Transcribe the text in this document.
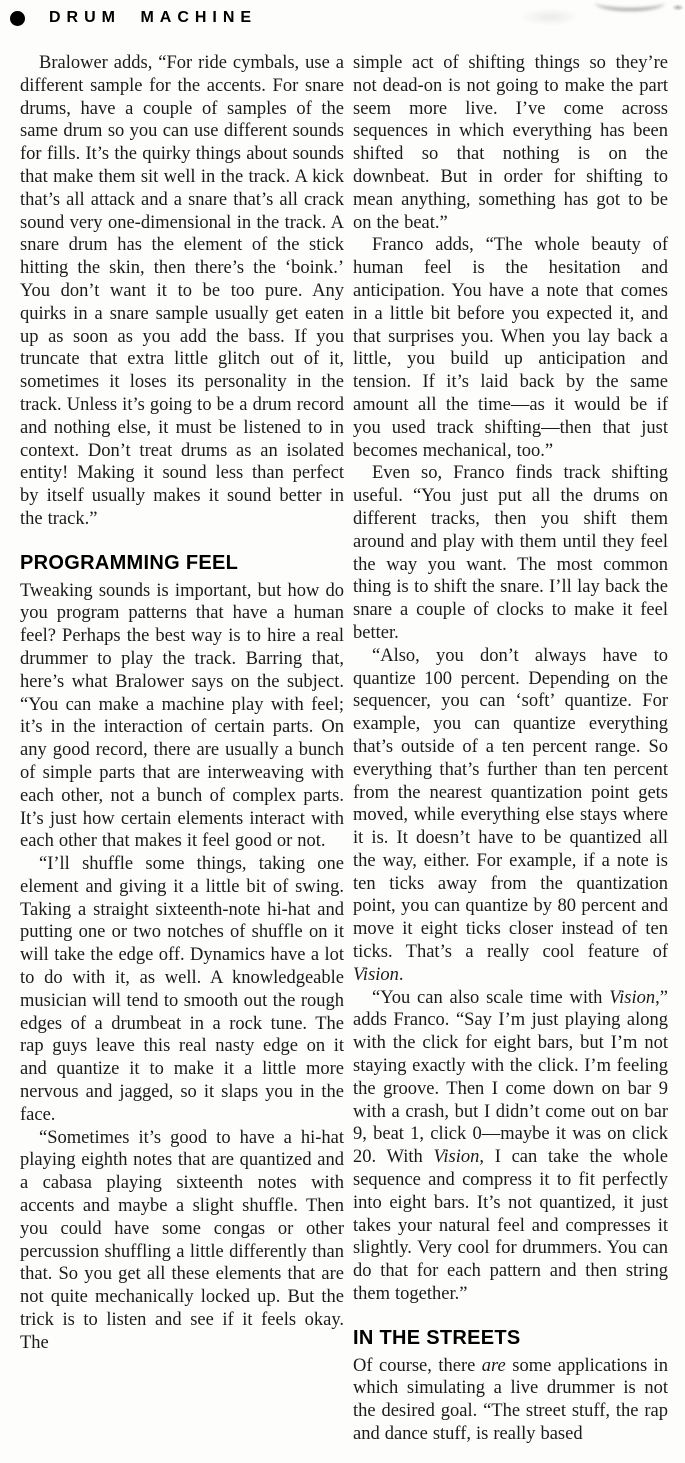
DRUM MACHINE

Bralower adds, “For ride cymbals, use a different sample for the accents. For snare drums, have a couple of samples of the same drum so you can use different sounds for fills. It’s the quirky things about sounds that make them sit well in the track. A kick that’s all attack and a snare that’s all crack sound very one-dimensional in the track. A snare drum has the element of the stick hitting the skin, then there’s the ‘boink.’ You don’t want it to be too pure. Any quirks in a snare sample usually get eaten up as soon as you add the bass. If you truncate that extra little glitch out of it, sometimes it loses its personality in the track. Unless it’s going to be a drum record and nothing else, it must be listened to in context. Don’t treat drums as an isolated entity! Making it sound less than perfect by itself usually makes it sound better in the track.”

PROGRAMMING FEEL

Tweaking sounds is important, but how do you program patterns that have a human feel? Perhaps the best way is to hire a real drummer to play the track. Barring that, here’s what Bralower says on the subject. “You can make a machine play with feel; it’s in the interaction of certain parts. On any good record, there are usually a bunch of simple parts that are interweaving with each other, not a bunch of complex parts. It’s just how certain elements interact with each other that makes it feel good or not.

“I’ll shuffle some things, taking one element and giving it a little bit of swing. Taking a straight sixteenth-note hi-hat and putting one or two notches of shuffle on it will take the edge off. Dynamics have a lot to do with it, as well. A knowledgeable musician will tend to smooth out the rough edges of a drumbeat in a rock tune. The rap guys leave this real nasty edge on it and quantize it to make it a little more nervous and jagged, so it slaps you in the face.

“Sometimes it’s good to have a hi-hat playing eighth notes that are quantized and a cabasa playing sixteenth notes with accents and maybe a slight shuffle. Then you could have some congas or other percussion shuffling a little differently than that. So you get all these elements that are not quite mechanically locked up. But the trick is to listen and see if it feels okay. The

simple act of shifting things so they’re not dead-on is not going to make the part seem more live. I’ve come across sequences in which everything has been shifted so that nothing is on the downbeat. But in order for shifting to mean anything, something has got to be on the beat.”

Franco adds, “The whole beauty of human feel is the hesitation and anticipation. You have a note that comes in a little bit before you expected it, and that surprises you. When you lay back a little, you build up anticipation and tension. If it’s laid back by the same amount all the time—as it would be if you used track shifting—then that just becomes mechanical, too.”

Even so, Franco finds track shifting useful. “You just put all the drums on different tracks, then you shift them around and play with them until they feel the way you want. The most common thing is to shift the snare. I’ll lay back the snare a couple of clocks to make it feel better.

“Also, you don’t always have to quantize 100 percent. Depending on the sequencer, you can ‘soft’ quantize. For example, you can quantize everything that’s outside of a ten percent range. So everything that’s further than ten percent from the nearest quantization point gets moved, while everything else stays where it is. It doesn’t have to be quantized all the way, either. For example, if a note is ten ticks away from the quantization point, you can quantize by 80 percent and move it eight ticks closer instead of ten ticks. That’s a really cool feature of Vision.

“You can also scale time with Vision,” adds Franco. “Say I’m just playing along with the click for eight bars, but I’m not staying exactly with the click. I’m feeling the groove. Then I come down on bar 9 with a crash, but I didn’t come out on bar 9, beat 1, click 0—maybe it was on click 20. With Vision, I can take the whole sequence and compress it to fit perfectly into eight bars. It’s not quantized, it just takes your natural feel and compresses it slightly. Very cool for drummers. You can do that for each pattern and then string them together.”

IN THE STREETS

Of course, there are some applications in which simulating a live drummer is not the desired goal. “The street stuff, the rap and dance stuff, is really based
